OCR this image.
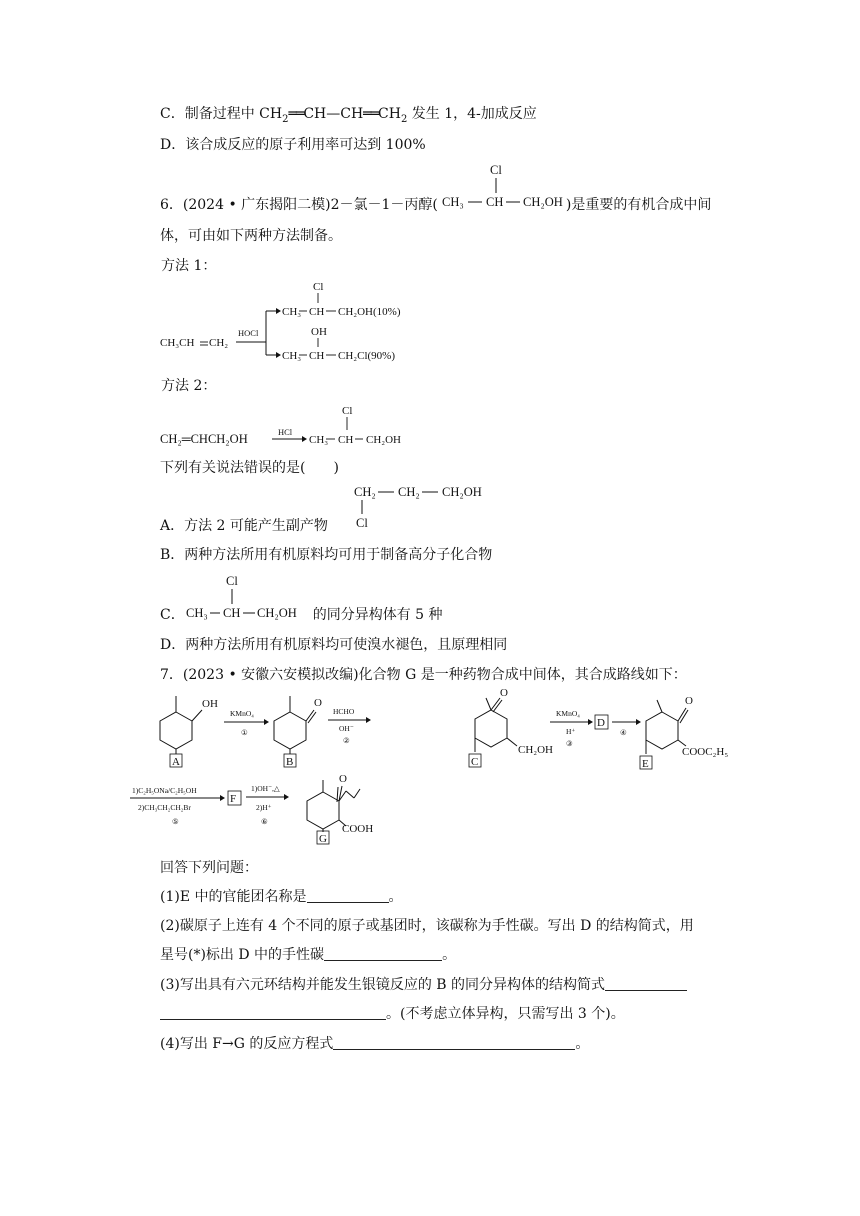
C．制备过程中 $CH_2══CH—CH══CH_2$ 发生 1，4-加成反应
D．该合成反应的原子利用率可达到 100%
6．(2024 • 广东揭阳二模)2－氯－1－丙醇(	)是重要的有机合成中间
Cl
CH₃ CH CH₂OH
体，可由如下两种方法制备。
方法 1：
CH₃CH CH₂
HOCl
Cl
CH₃ CH CH₂OH(10%)
OH
CH₃ CH CH₂Cl(90%)
方法 2：
CH₂═CHCH₂OH	HCl
Cl
CH₃ CH CH₂OH
下列有关说法错误的是(　　)
A．方法 2 可能产生副产物
CH₂ CH₂ CH₂OH
Cl
B．两种方法所用有机原料均可用于制备高分子化合物
C．	的同分异构体有 5 种
Cl
CH₃ CH CH₂OH
D．两种方法所用有机原料均可使溴水褪色，且原理相同
7．(2023 • 安徽六安模拟改编)化合物 G 是一种药物合成中间体，其合成路线如下：
OH
A
KMnO₄
①
O
B
HCHO
OH⁻
②
O
CH₂OH
C
KMnO₄
H⁺
③
D
④
O
COOC₂H₅
E
1)C₂H₅ONa/C₂H₅OH
2)CH₃CH₂CH₂Br
⑤
F
1)OH⁻,△
2)H⁺
⑥
O
COOH
G
回答下列问题：
(1)E 中的官能团名称是	。
(2)碳原子上连有 4 个不同的原子或基团时，该碳称为手性碳。写出 D 的结构简式，用
星号(*)标出 D 中的手性碳	。
(3)写出具有六元环结构并能发生银镜反应的 B 的同分异构体的结构简式
。(不考虑立体异构，只需写出 3 个)。
(4)写出 F→G 的反应方程式	。
